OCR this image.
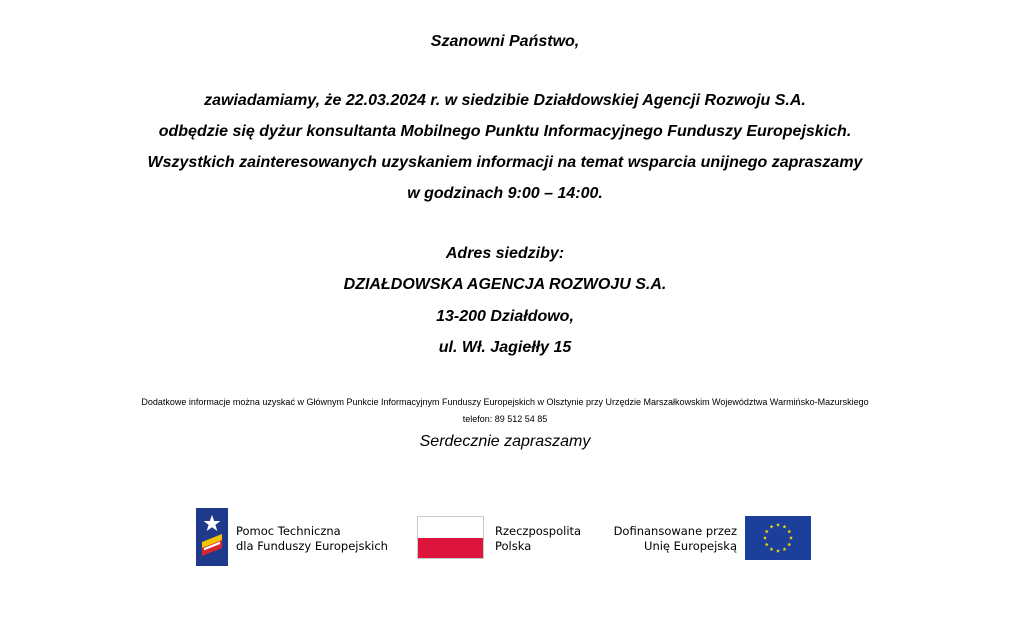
Szanowni Państwo,
zawiadamiamy, że 22.03.2024 r. w siedzibie Działdowskiej Agencji Rozwoju S.A.
odbędzie się dyżur konsultanta Mobilnego Punktu Informacyjnego Funduszy Europejskich.
Wszystkich zainteresowanych uzyskaniem informacji na temat wsparcia unijnego zapraszamy
w godzinach 9:00 – 14:00.
Adres siedziby:
DZIAŁDOWSKA AGENCJA ROZWOJU S.A.
13-200 Działdowo,
ul. Wł. Jagiełły 15
Dodatkowe informacje można uzyskać w Głównym Punkcie Informacyjnym Funduszy Europejskich w Olsztynie przy Urzędzie Marszałkowskim Województwa Warmińsko-Mazurskiego
telefon: 89 512 54 85
Serdecznie zapraszamy
Pomoc Techniczna
dla Funduszy Europejskich
Rzeczpospolita
Polska
Dofinansowane przez
Unię Europejską
